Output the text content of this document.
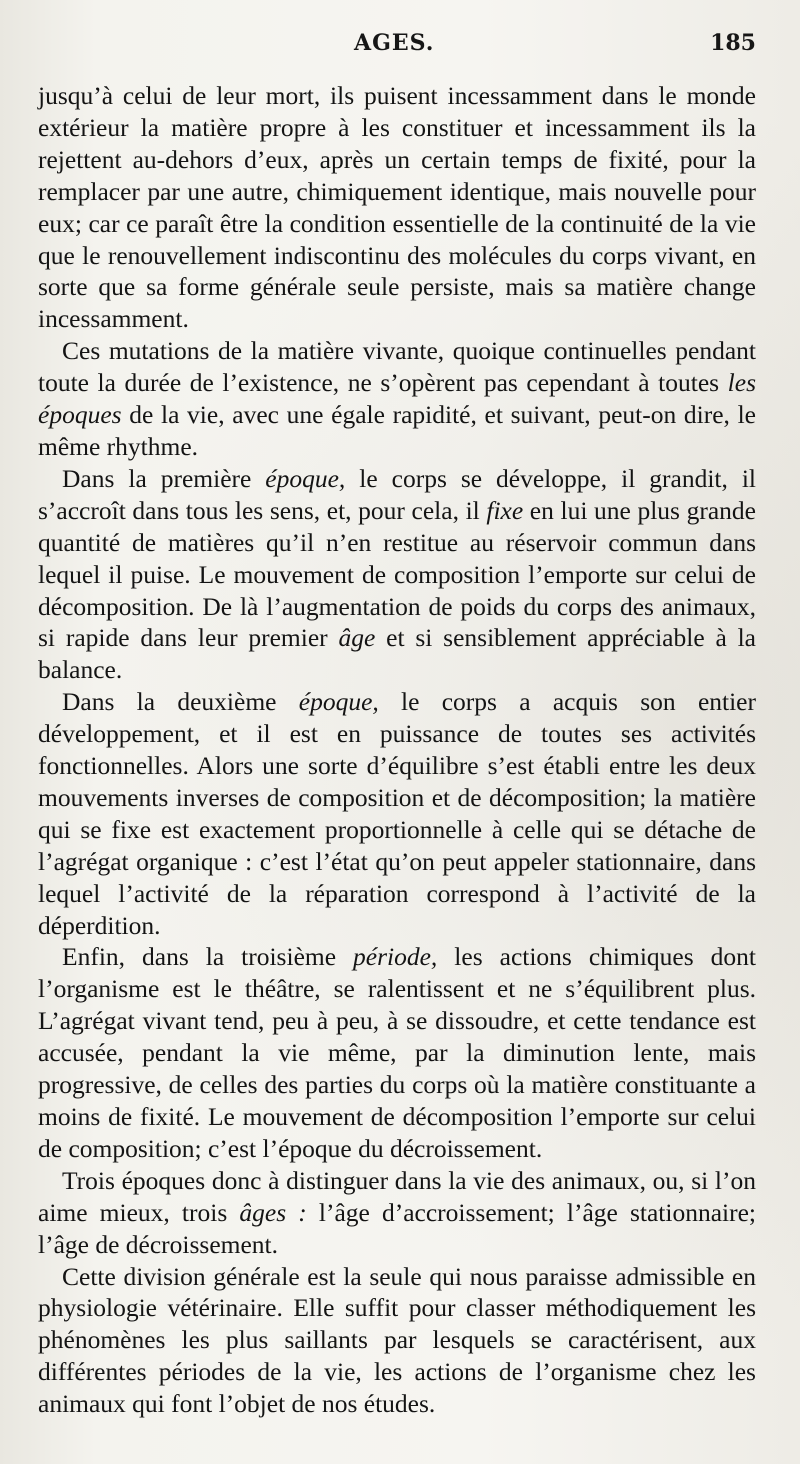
AGES.	185

jusqu’à celui de leur mort, ils puisent incessamment dans le monde extérieur la matière propre à les constituer et incessamment ils la rejettent au-dehors d’eux, après un certain temps de fixité, pour la remplacer par une autre, chimiquement identique, mais nouvelle pour eux; car ce paraît être la condition essentielle de la continuité de la vie que le renouvellement indiscontinu des molécules du corps vivant, en sorte que sa forme générale seule persiste, mais sa matière change incessamment.

Ces mutations de la matière vivante, quoique continuelles pendant toute la durée de l’existence, ne s’opèrent pas cependant à toutes les époques de la vie, avec une égale rapidité, et suivant, peut-on dire, le même rhythme.

Dans la première époque, le corps se développe, il grandit, il s’accroît dans tous les sens, et, pour cela, il fixe en lui une plus grande quantité de matières qu’il n’en restitue au réservoir commun dans lequel il puise. Le mouvement de composition l’emporte sur celui de décomposition. De là l’augmentation de poids du corps des animaux, si rapide dans leur premier âge et si sensiblement appréciable à la balance.

Dans la deuxième époque, le corps a acquis son entier développement, et il est en puissance de toutes ses activités fonctionnelles. Alors une sorte d’équilibre s’est établi entre les deux mouvements inverses de composition et de décomposition; la matière qui se fixe est exactement proportionnelle à celle qui se détache de l’agrégat organique : c’est l’état qu’on peut appeler stationnaire, dans lequel l’activité de la réparation correspond à l’activité de la déperdition.

Enfin, dans la troisième période, les actions chimiques dont l’organisme est le théâtre, se ralentissent et ne s’équilibrent plus. L’agrégat vivant tend, peu à peu, à se dissoudre, et cette tendance est accusée, pendant la vie même, par la diminution lente, mais progressive, de celles des parties du corps où la matière constituante a moins de fixité. Le mouvement de décomposition l’emporte sur celui de composition; c’est l’époque du décroissement.

Trois époques donc à distinguer dans la vie des animaux, ou, si l’on aime mieux, trois âges : l’âge d’accroissement; l’âge stationnaire; l’âge de décroissement.

Cette division générale est la seule qui nous paraisse admissible en physiologie vétérinaire. Elle suffit pour classer méthodiquement les phénomènes les plus saillants par lesquels se caractérisent, aux différentes périodes de la vie, les actions de l’organisme chez les animaux qui font l’objet de nos études.
